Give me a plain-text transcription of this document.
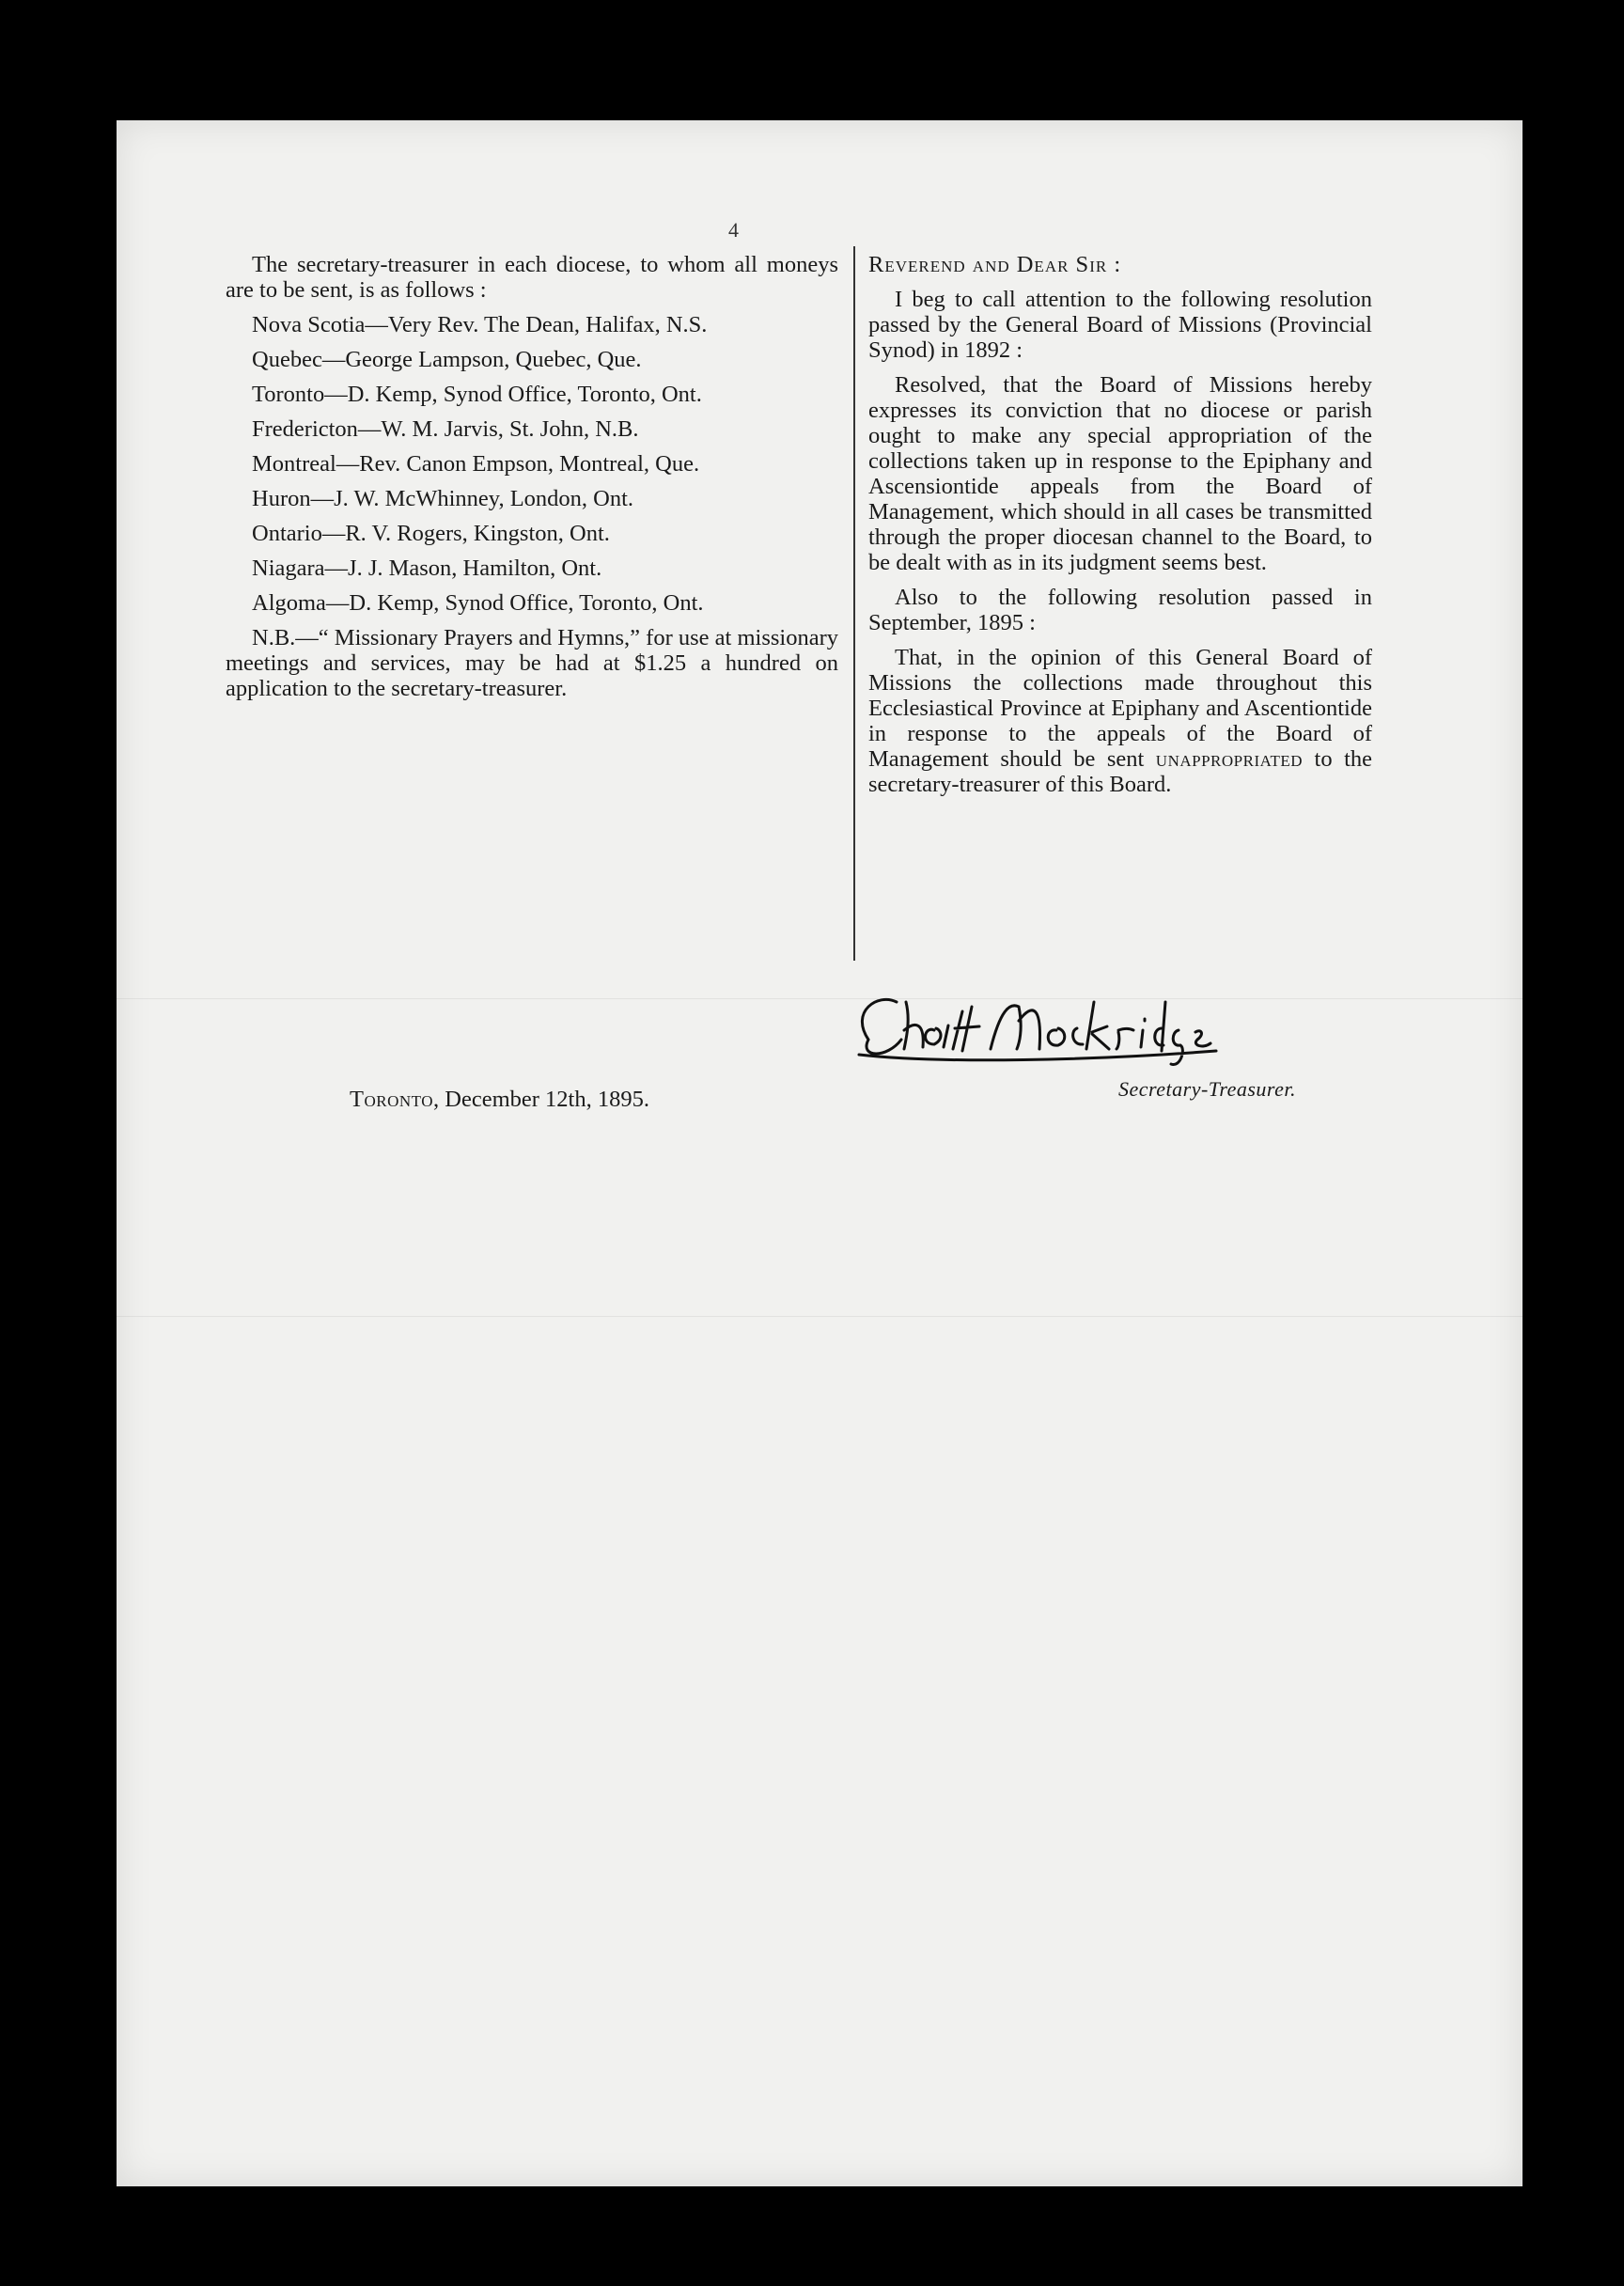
4

The secretary-treasurer in each diocese, to whom all moneys are to be sent, is as follows :

Nova Scotia—Very Rev. The Dean, Halifax, N.S.

Quebec—George Lampson, Quebec, Que.

Toronto—D. Kemp, Synod Office, Toronto, Ont.

Fredericton—W. M. Jarvis, St. John, N.B.

Montreal—Rev. Canon Empson, Montreal, Que.

Huron—J. W. McWhinney, London, Ont.

Ontario—R. V. Rogers, Kingston, Ont.

Niagara—J. J. Mason, Hamilton, Ont.

Algoma—D. Kemp, Synod Office, Toronto, Ont.

N.B.—“ Missionary Prayers and Hymns,” for use at missionary meetings and services, may be had at $1.25 a hundred on application to the secretary-treasurer.

Reverend and Dear Sir :

I beg to call attention to the following resolution passed by the General Board of Missions (Provincial Synod) in 1892 :

Resolved, that the Board of Missions hereby expresses its conviction that no diocese or parish ought to make any special appropriation of the collections taken up in response to the Epiphany and Ascensiontide appeals from the Board of Management, which should in all cases be transmitted through the proper diocesan channel to the Board, to be dealt with as in its judgment seems best.

Also to the following resolution passed in September, 1895 :

That, in the opinion of this General Board of Missions the collections made throughout this Ecclesiastical Province at Epiphany and Ascentiontide in response to the appeals of the Board of Management should be sent unappropriated to the secretary-treasurer of this Board.

Toronto, December 12th, 1895.	Secretary-Treasurer.
